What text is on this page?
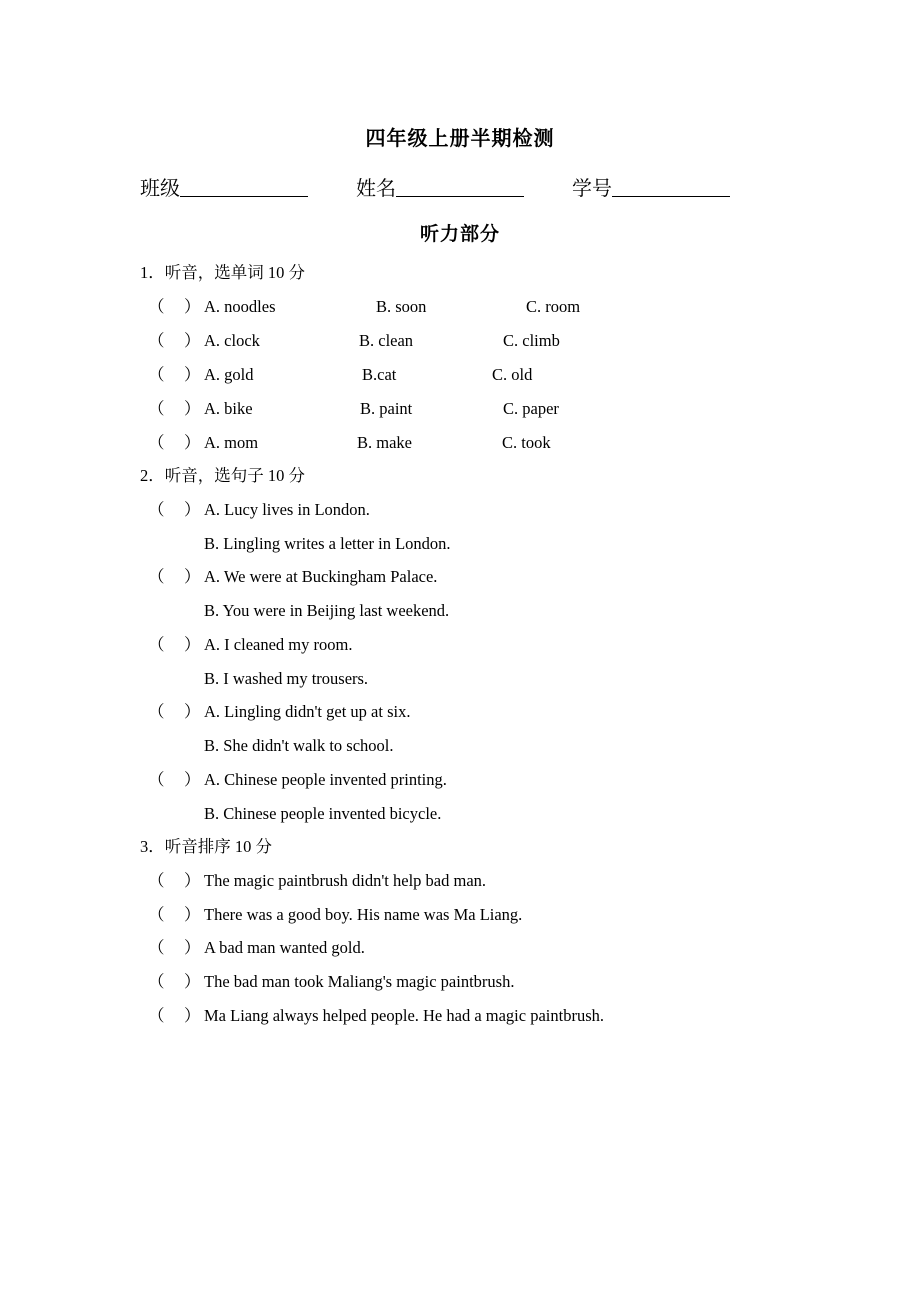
四年级上册半期检测
班级	姓名	学号
听力部分
1．听音，选单词 10 分
（ ） A. noodles	B. soon	C. room
（ ） A. clock	B. clean	C. climb
（ ） A. gold	B.cat	C. old
（ ） A. bike	B. paint	C. paper
（ ） A. mom	B. make	C. took
2．听音，选句子 10 分
（ ） A. Lucy lives in London.
B. Lingling writes a letter in London.
（ ） A. We were at Buckingham Palace.
B. You were in Beijing last weekend.
（ ） A. I cleaned my room.
B. I washed my trousers.
（ ） A. Lingling didn't get up at six.
B. She didn't walk to school.
（ ） A. Chinese people invented printing.
B. Chinese people invented bicycle.
3．听音排序 10 分
（ ） The magic paintbrush didn't help bad man.
（ ） There was a good boy. His name was Ma Liang.
（ ） A bad man wanted gold.
（ ） The bad man took Maliang's magic paintbrush.
（ ） Ma Liang always helped people. He had a magic paintbrush.
